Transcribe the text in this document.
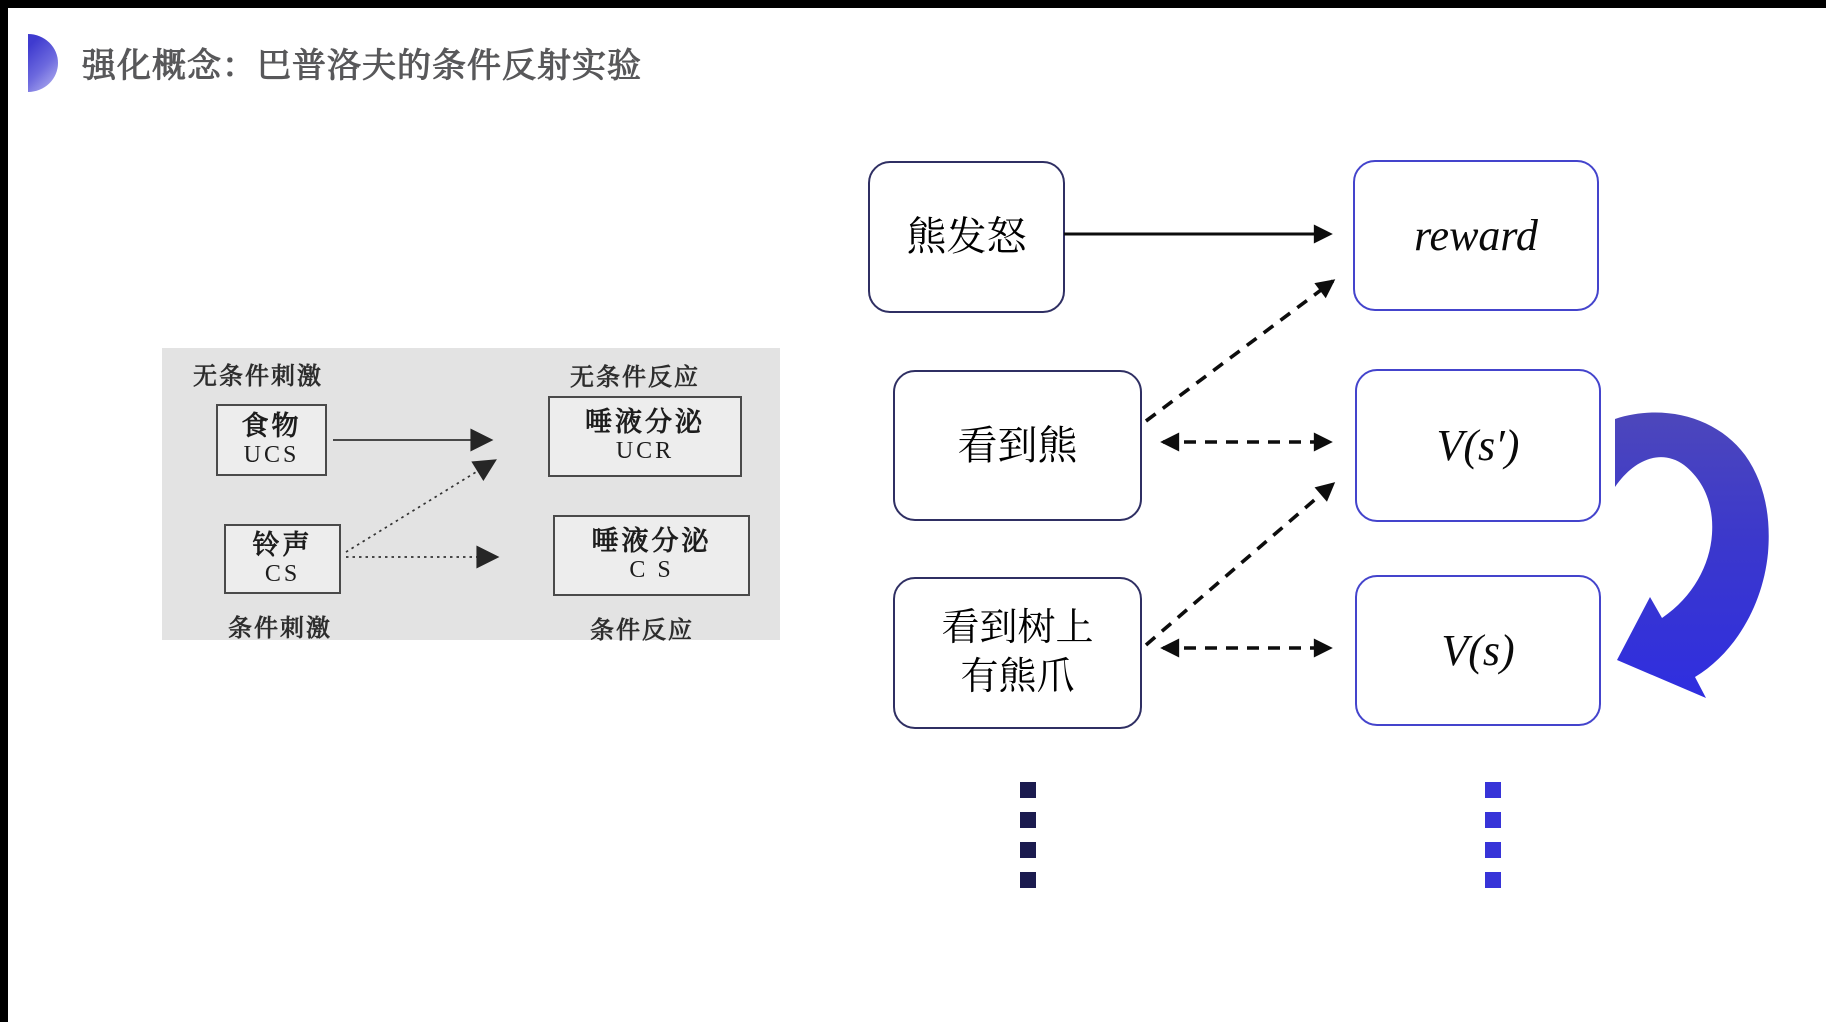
强化概念：巴普洛夫的条件反射实验
无条件刺激	无条件反应
食物
UCS
唾液分泌
UCR
铃声
CS
唾液分泌
C S
条件刺激	条件反应
熊发怒	reward
看到熊	V(s′)
看到树上
有熊爪
V(s)
